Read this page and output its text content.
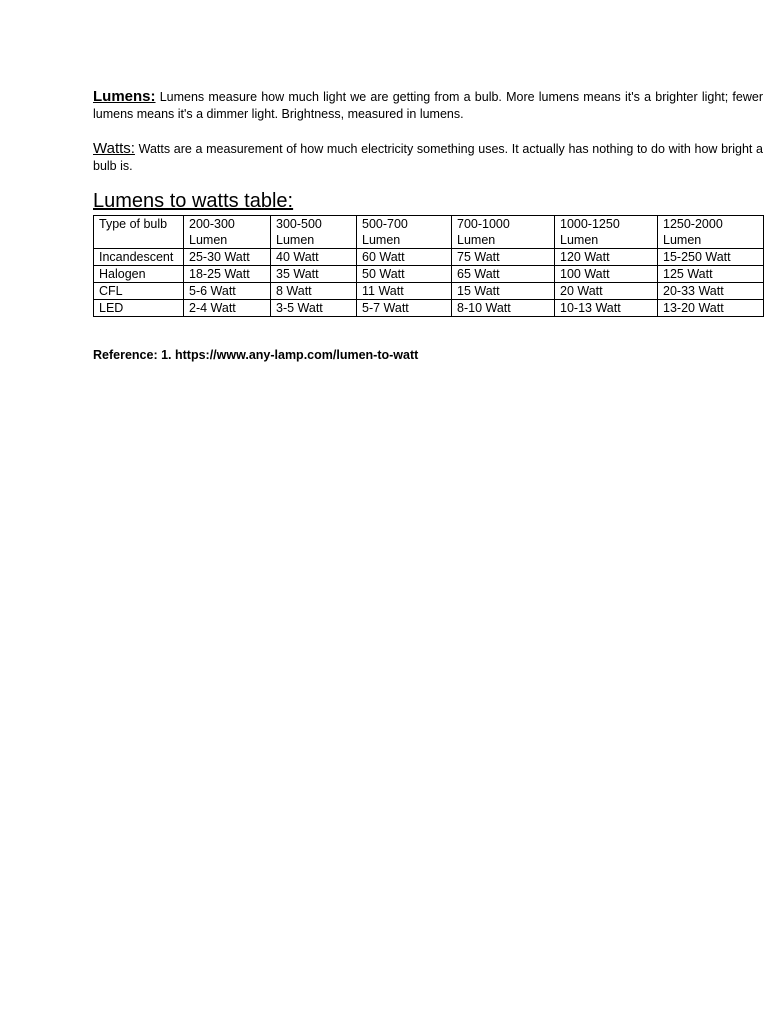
Lumens: Lumens measure how much light we are getting from a bulb. More lumens means it's a brighter light; fewer lumens means it's a dimmer light. Brightness, measured in lumens.

Watts: Watts are a measurement of how much electricity something uses. It actually has nothing to do with how bright a bulb is.

Lumens to watts table:
Type of bulb	200-300 Lumen	300-500 Lumen	500-700 Lumen	700-1000 Lumen	1000-1250 Lumen	1250-2000 Lumen
Incandescent	25-30 Watt	40 Watt	60 Watt	75 Watt	120 Watt	15-250 Watt
Halogen	18-25 Watt	35 Watt	50 Watt	65 Watt	100 Watt	125 Watt
CFL	5-6 Watt	8 Watt	11 Watt	15 Watt	20 Watt	20-33 Watt
LED	2-4 Watt	3-5 Watt	5-7 Watt	8-10 Watt	10-13 Watt	13-20 Watt
Reference: 1. https://www.any-lamp.com/lumen-to-watt
